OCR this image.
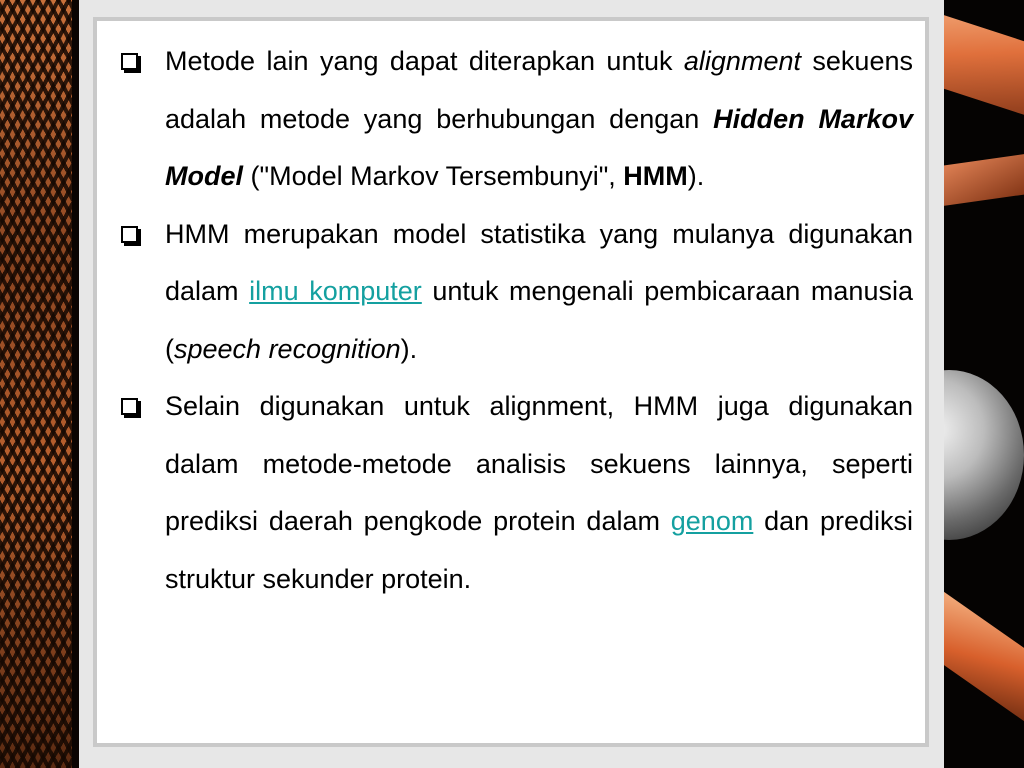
Metode lain yang dapat diterapkan untuk alignment sekuens adalah metode yang berhubungan dengan Hidden Markov Model ("Model Markov Tersembunyi", HMM).
HMM merupakan model statistika yang mulanya digunakan dalam ilmu komputer untuk mengenali pembicaraan manusia (speech recognition).
Selain digunakan untuk alignment, HMM juga digunakan dalam metode-metode analisis sekuens lainnya, seperti prediksi daerah pengkode protein dalam genom dan prediksi struktur sekunder protein.
